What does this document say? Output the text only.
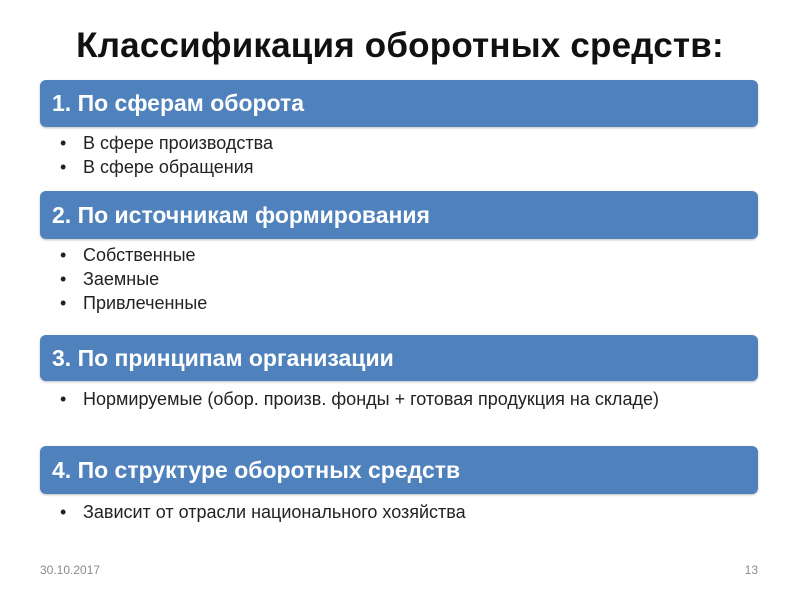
Классификация оборотных средств:
1. По сферам оборота
• В сфере производства
• В сфере обращения
2. По источникам формирования
• Собственные
• Заемные
• Привлеченные
3. По принципам организации
• Нормируемые (обор. произв. фонды + готовая продукция на складе)
4. По структуре оборотных средств
• Зависит от отрасли национального хозяйства
30.10.2017	13
